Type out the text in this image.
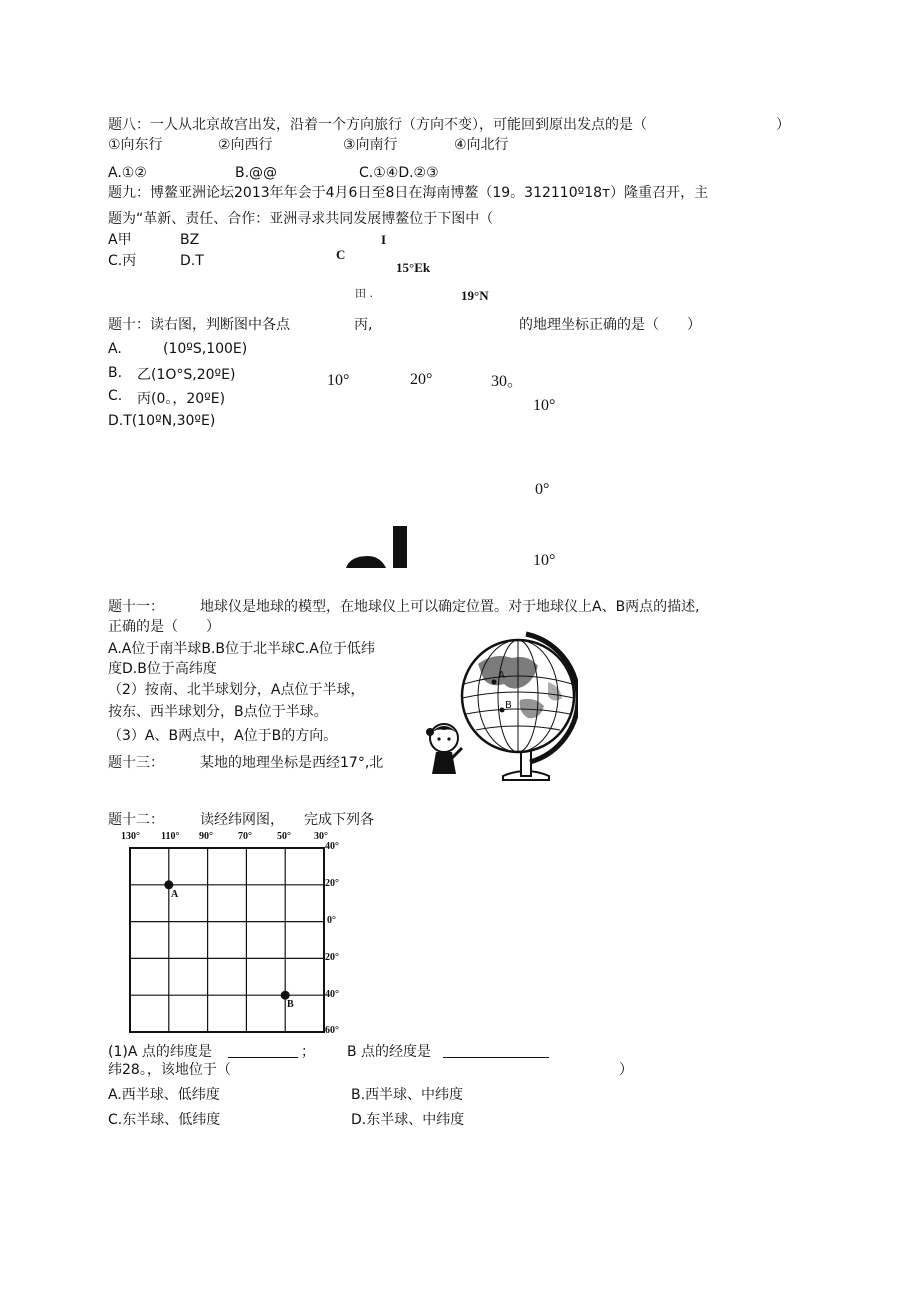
题八：一人从北京故宫出发，沿着一个方向旅行（方向不变），可能回到原出发点的是（	）
①向东行	②向西行	③向南行	④向北行
A.①②	B.@@	C.①④D.②③
题九：博鳌亚洲论坛2013年年会于4月6日至8日在海南博鳌（19。312110º18т）隆重召开，主
题为“革新、责任、合作：亚洲寻求共同发展博鳌位于下图中（
A甲	BZ
C.丙	D.T	C
I
15°Ek
田 .	19°N
题十：读右图，判断图中各点	丙,	的地理坐标正确的是（　　）
A.	(10ºS,100E)
B. 乙(1O°S,20ºE)
C. 丙(0。，20ºE)
D.T(10ºN,30ºE)
10°	20°	30。
10°
0°
10°
题十一：	地球仪是地球的模型，在地球仪上可以确定位置。对于地球仪上A、B两点的描述,
正确的是（　　）
A.A位于南半球B.B位于北半球C.A位于低纬
度D.B位于高纬度
（2）按南、北半球划分，A点位于半球，
按东、西半球划分，B点位于半球。
（3）A、B两点中，A位于B的方向。
A
B
题十三：	某地的地理坐标是西经17°,北
题十二：	读经纬网图， 完成下列各
130° 110° 90°	70°	50° 30°
40°
20°
0°
20°
40°
60°
A
B
(1)A 点的纬度是	； B 点的经度是
纬28。，该地位于（	）
A.西半球、低纬度	B.西半球、中纬度
C.东半球、低纬度	D.东半球、中纬度
